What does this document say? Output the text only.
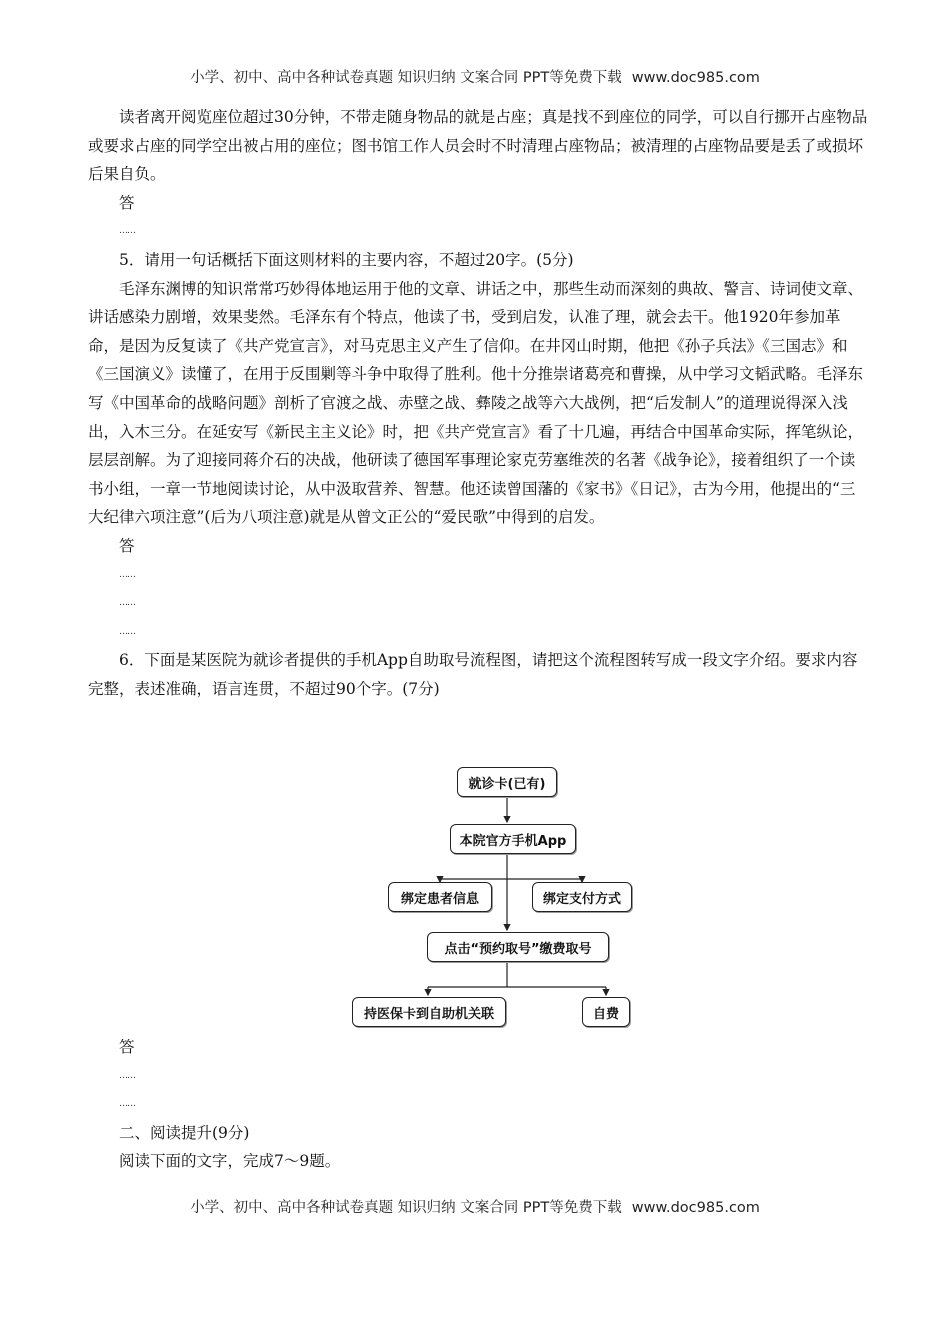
小学、初中、高中各种试卷真题 知识归纳 文案合同 PPT等免费下载 www.doc985.com

读者离开阅览座位超过30分钟，不带走随身物品的就是占座；真是找不到座位的同学，可以自行挪开占座物品或要求占座的同学空出被占用的座位；图书馆工作人员会时不时清理占座物品；被清理的占座物品要是丢了或损坏后果自负。

答

……

5．请用一句话概括下面这则材料的主要内容，不超过20字。(5分)

毛泽东渊博的知识常常巧妙得体地运用于他的文章、讲话之中，那些生动而深刻的典故、警言、诗词使文章、讲话感染力剧增，效果斐然。毛泽东有个特点，他读了书，受到启发，认准了理，就会去干。他1920年参加革命，是因为反复读了《共产党宣言》，对马克思主义产生了信仰。在井冈山时期，他把《孙子兵法》《三国志》和《三国演义》读懂了，在用于反围剿等斗争中取得了胜利。他十分推崇诸葛亮和曹操，从中学习文韬武略。毛泽东写《中国革命的战略问题》剖析了官渡之战、赤壁之战、彝陵之战等六大战例，把“后发制人”的道理说得深入浅出，入木三分。在延安写《新民主主义论》时，把《共产党宣言》看了十几遍，再结合中国革命实际，挥笔纵论，层层剖解。为了迎接同蒋介石的决战，他研读了德国军事理论家克劳塞维茨的名著《战争论》，接着组织了一个读书小组，一章一节地阅读讨论，从中汲取营养、智慧。他还读曾国藩的《家书》《日记》，古为今用，他提出的“三大纪律六项注意”(后为八项注意)就是从曾文正公的“爱民歌”中得到的启发。

答

……

……

……

6．下面是某医院为就诊者提供的手机App自助取号流程图，请把这个流程图转写成一段文字介绍。要求内容完整，表述准确，语言连贯，不超过90个字。(7分)

就诊卡(已有)
本院官方手机App
绑定患者信息	绑定支付方式
点击“预约取号”缴费取号
持医保卡到自助机关联	自费

答

……

……

二、阅读提升(9分)

阅读下面的文字，完成7～9题。

小学、初中、高中各种试卷真题 知识归纳 文案合同 PPT等免费下载 www.doc985.com
